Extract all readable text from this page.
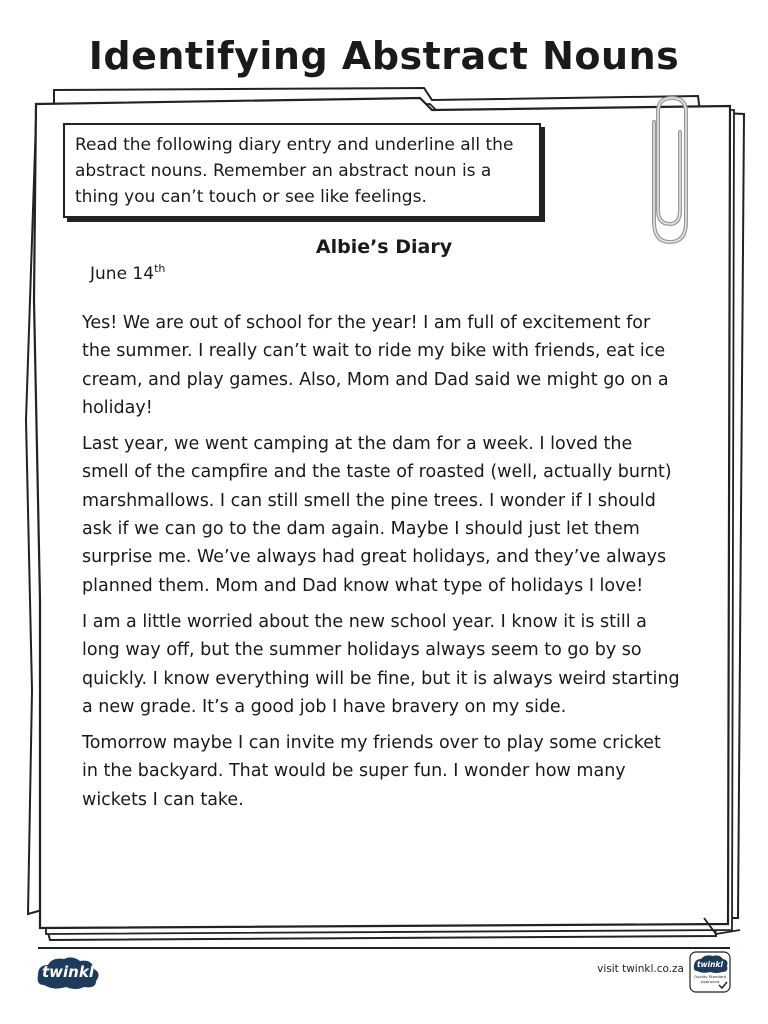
Identifying Abstract Nouns
Read the following diary entry and underline all the abstract nouns. Remember an abstract noun is a thing you can’t touch or see like feelings.
Albie’s Diary
June 14th

Yes! We are out of school for the year! I am full of excitement for the summer. I really can’t wait to ride my bike with friends, eat ice cream, and play games. Also, Mom and Dad said we might go on a holiday!

Last year, we went camping at the dam for a week. I loved the smell of the campfire and the taste of roasted (well, actually burnt) marshmallows. I can still smell the pine trees. I wonder if I should ask if we can go to the dam again. Maybe I should just let them surprise me. We’ve always had great holidays, and they’ve always planned them. Mom and Dad know what type of holidays I love!

I am a little worried about the new school year. I know it is still a long way off, but the summer holidays always seem to go by so quickly. I know everything will be fine, but it is always weird starting a new grade. It’s a good job I have bravery on my side.

Tomorrow maybe I can invite my friends over to play some cricket in the backyard. That would be super fun. I wonder how many wickets I can take.

twinkl	visit twinkl.co.za	twinkl
Quality Standard Approved
